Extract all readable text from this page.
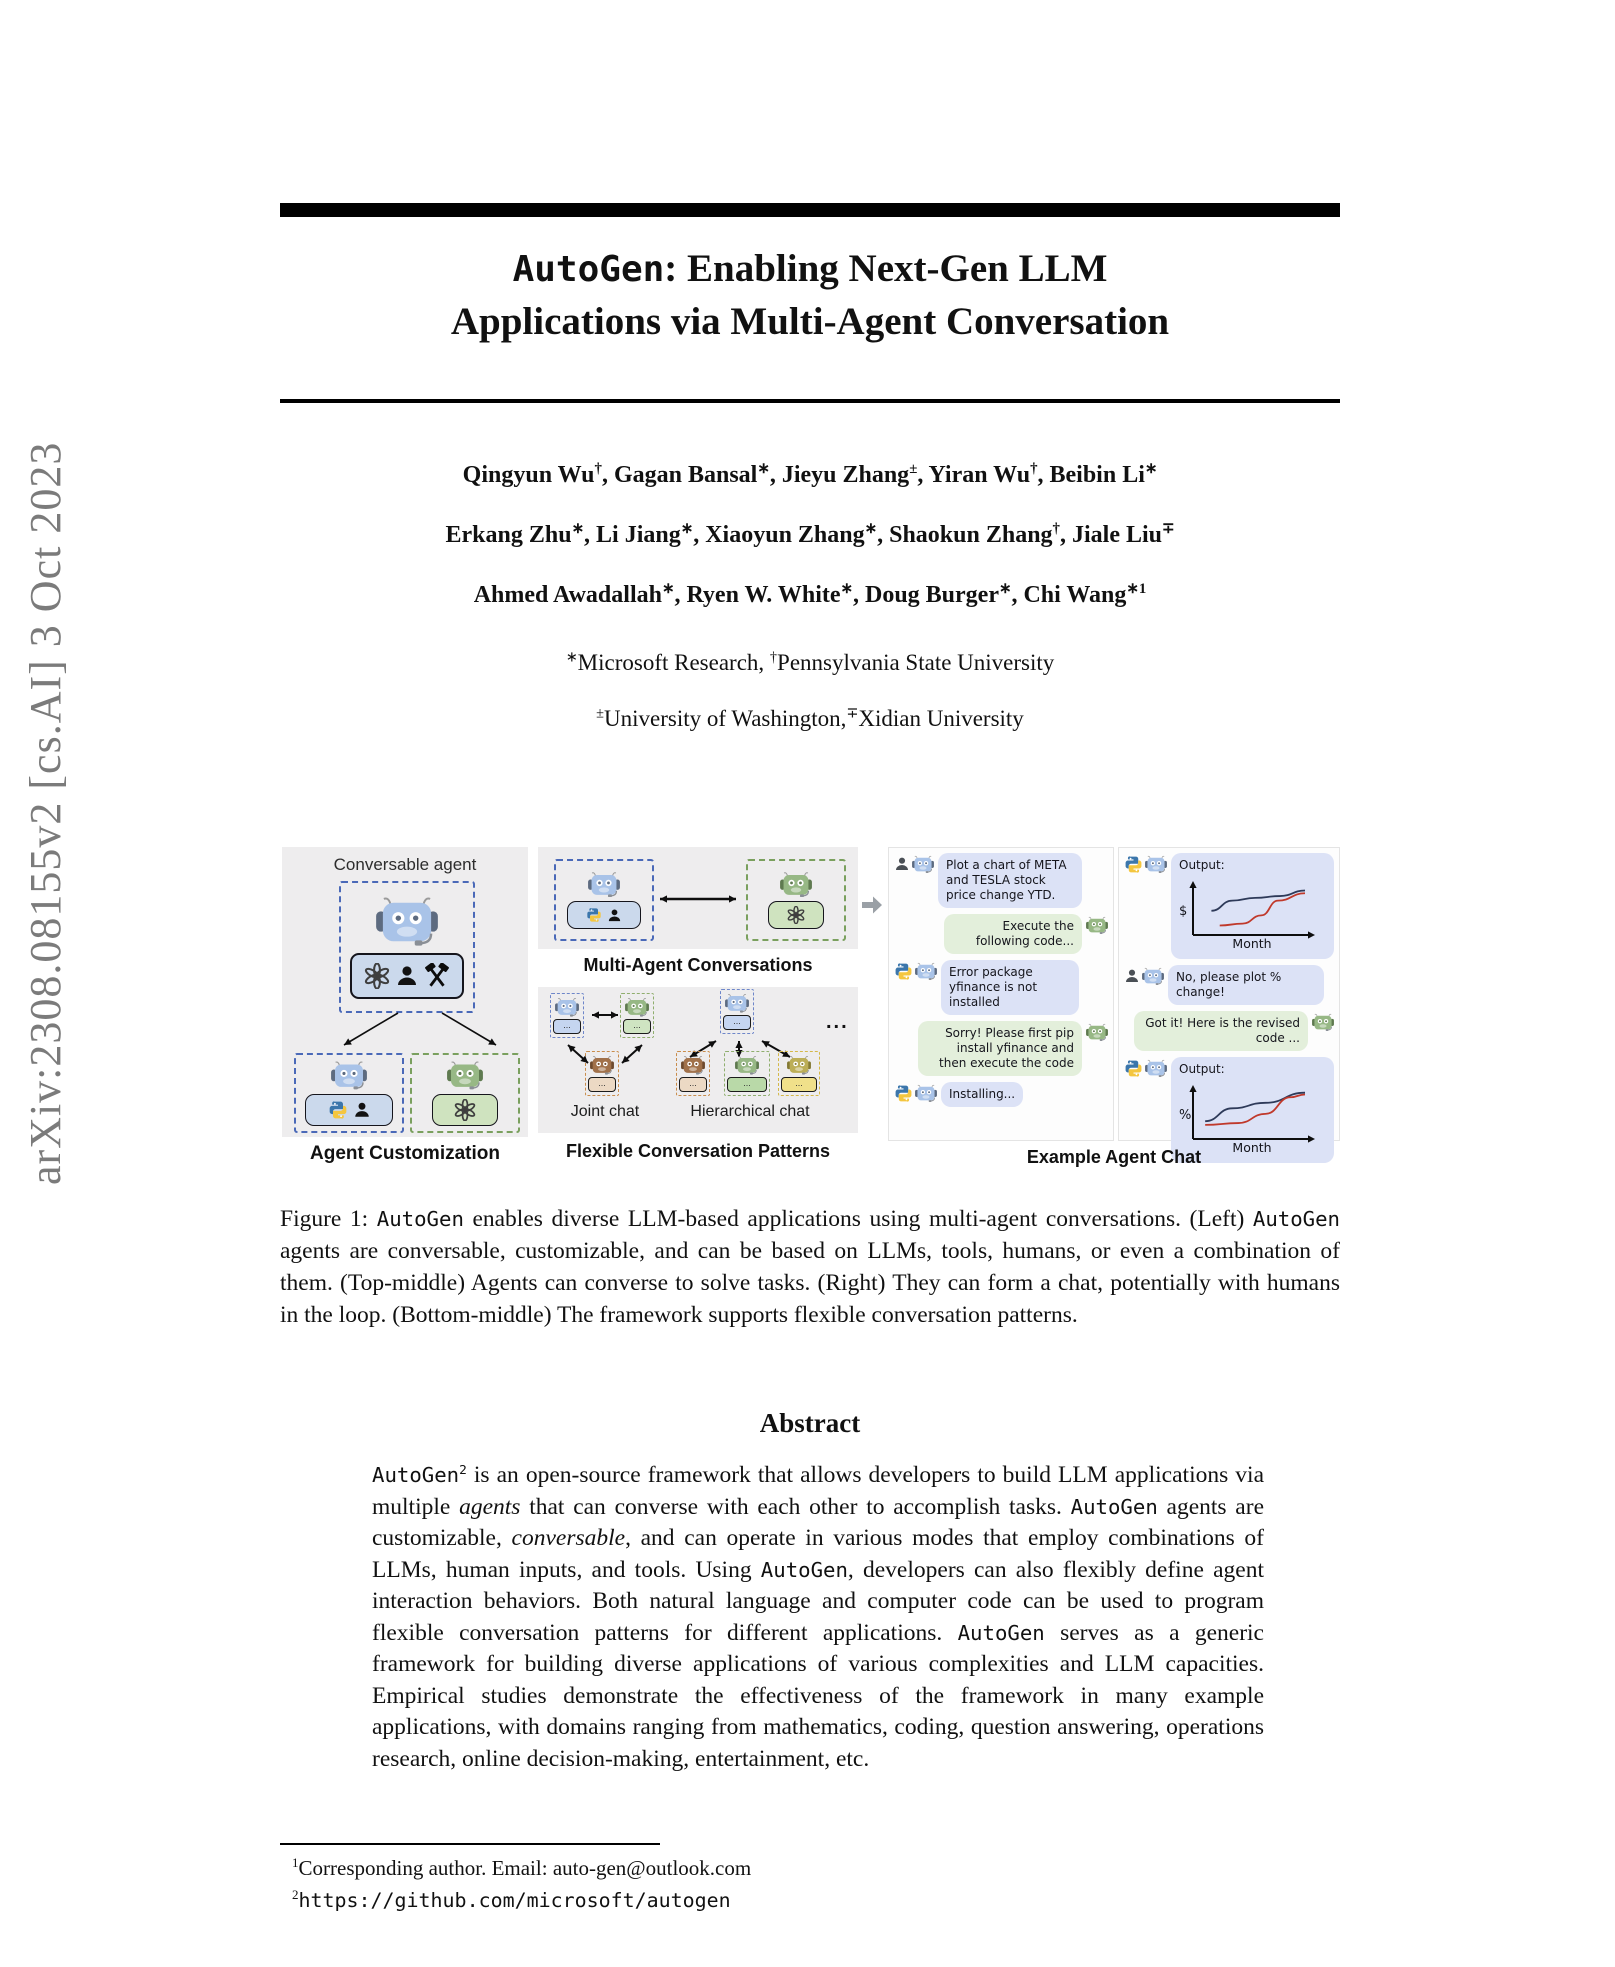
arXiv:2308.08155v2 [cs.AI] 3 Oct 2023
AutoGen: Enabling Next-Gen LLM
Applications via Multi-Agent Conversation
Qingyun Wu†, Gagan Bansal∗, Jieyu Zhang±, Yiran Wu†, Beibin Li∗
Erkang Zhu∗, Li Jiang∗, Xiaoyun Zhang∗, Shaokun Zhang†, Jiale Liu∓
Ahmed Awadallah∗, Ryen W. White∗, Doug Burger∗, Chi Wang$^{∗1}$
∗Microsoft Research, †Pennsylvania State University
±University of Washington,∓Xidian University
Conversable agent
Agent Customization
Multi-Agent Conversations
...	...
...
...
...	...	...
...
Joint chat	Hierarchical chat
Flexible Conversation Patterns
Plot a chart of META and TESLA stock price change YTD.
Execute the following code...
Error package yfinance is not installed
Sorry! Please first pip install yfinance and then execute the code
Installing...
Output:
$
Month
No, please plot % change!
Got it! Here is the revised code ...
Output:
%
Month
Example Agent Chat
Figure 1: AutoGen enables diverse LLM-based applications using multi-agent conversations. (Left) AutoGen agents are conversable, customizable, and can be based on LLMs, tools, humans, or even a combination of them. (Top-middle) Agents can converse to solve tasks. (Right) They can form a chat, potentially with humans in the loop. (Bottom-middle) The framework supports flexible conversation patterns.
Abstract
AutoGen$^2$ is an open-source framework that allows developers to build LLM applications via multiple agents that can converse with each other to accomplish tasks. AutoGen agents are customizable, conversable, and can operate in various modes that employ combinations of LLMs, human inputs, and tools. Using AutoGen, developers can also flexibly define agent interaction behaviors. Both natural language and computer code can be used to program flexible conversation patterns for different applications. AutoGen serves as a generic framework for building diverse applications of various complexities and LLM capacities. Empirical studies demonstrate the effectiveness of the framework in many example applications, with domains ranging from mathematics, coding, question answering, operations research, online decision-making, entertainment, etc.
$^1$Corresponding author. Email: auto-gen@outlook.com
$^2$https://github.com/microsoft/autogen
